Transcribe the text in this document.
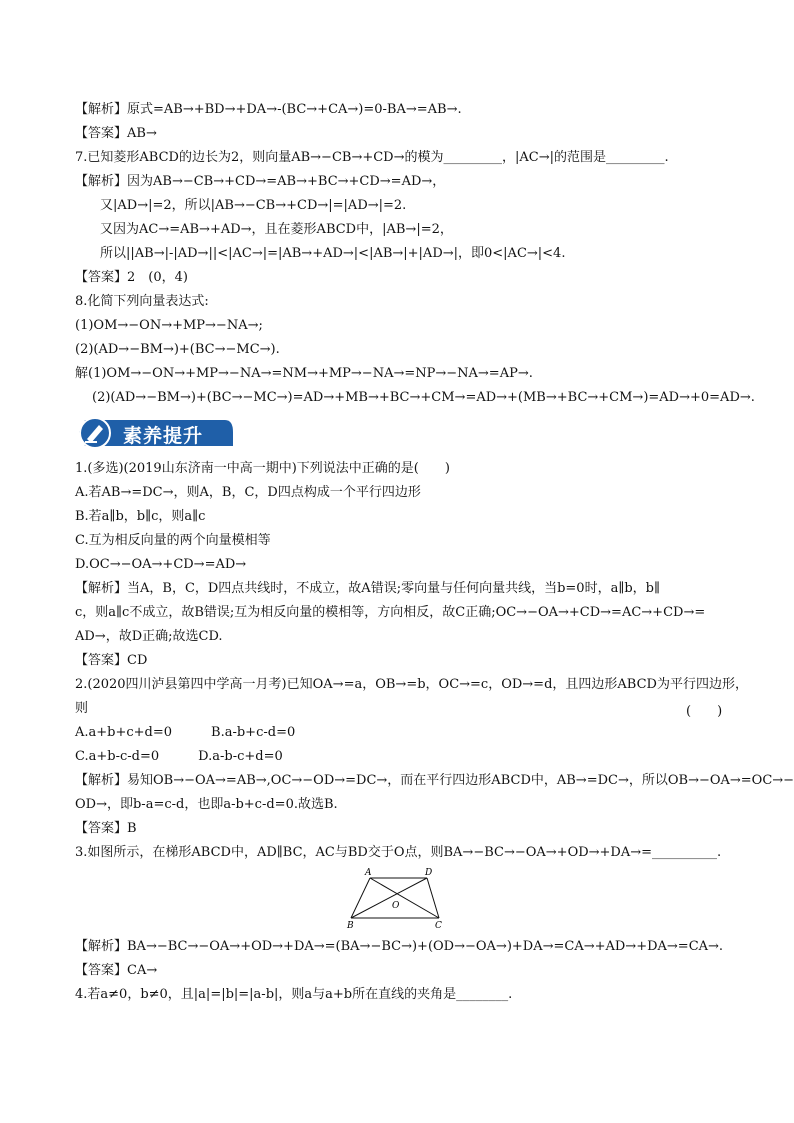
【解析】原式=AB→+BD→+DA→-(BC→+CA→)=0-BA→=AB→.
【答案】AB→
7.已知菱形ABCD的边长为2，则向量AB→−CB→+CD→的模为_________，|AC→|的范围是_________.
【解析】因为AB→−CB→+CD→=AB→+BC→+CD→=AD→，
又|AD→|=2，所以|AB→−CB→+CD→|=|AD→|=2.
又因为AC→=AB→+AD→，且在菱形ABCD中，|AB→|=2，
所以||AB→|-|AD→||<|AC→|=|AB→+AD→|<|AB→|+|AD→|，即0<|AC→|<4.
【答案】2　(0，4)
8.化简下列向量表达式:
(1)OM→−ON→+MP→−NA→;
(2)(AD→−BM→)+(BC→−MC→).
解(1)OM→−ON→+MP→−NA→=NM→+MP→−NA→=NP→−NA→=AP→.
(2)(AD→−BM→)+(BC→−MC→)=AD→+MB→+BC→+CM→=AD→+(MB→+BC→+CM→)=AD→+0=AD→.
素养提升
1.(多选)(2019山东济南一中高一期中)下列说法中正确的是(　　)
A.若AB→=DC→，则A，B，C，D四点构成一个平行四边形
B.若a∥b，b∥c，则a∥c
C.互为相反向量的两个向量模相等
D.OC→−OA→+CD→=AD→
【解析】当A，B，C，D四点共线时，不成立，故A错误;零向量与任何向量共线，当b=0时，a∥b，b∥
c，则a∥c不成立，故B错误;互为相反向量的模相等，方向相反，故C正确;OC→−OA→+CD→=AC→+CD→=
AD→，故D正确;故选CD.
【答案】CD
2.(2020四川泸县第四中学高一月考)已知OA→=a，OB→=b，OC→=c，OD→=d，且四边形ABCD为平行四边形，
则	(　　)
A.a+b+c+d=0　　　B.a-b+c-d=0
C.a+b-c-d=0　　　D.a-b-c+d=0
【解析】易知OB→−OA→=AB→,OC→−OD→=DC→，而在平行四边形ABCD中，AB→=DC→，所以OB→−OA→=OC→−
OD→，即b-a=c-d，也即a-b+c-d=0.故选B.
【答案】B
3.如图所示，在梯形ABCD中，AD∥BC，AC与BD交于O点，则BA→−BC→−OA→+OD→+DA→=__________.
A	D
O
B	C
【解析】BA→−BC→−OA→+OD→+DA→=(BA→−BC→)+(OD→−OA→)+DA→=CA→+AD→+DA→=CA→.
【答案】CA→
4.若a≠0，b≠0，且|a|=|b|=|a-b|，则a与a+b所在直线的夹角是________.
